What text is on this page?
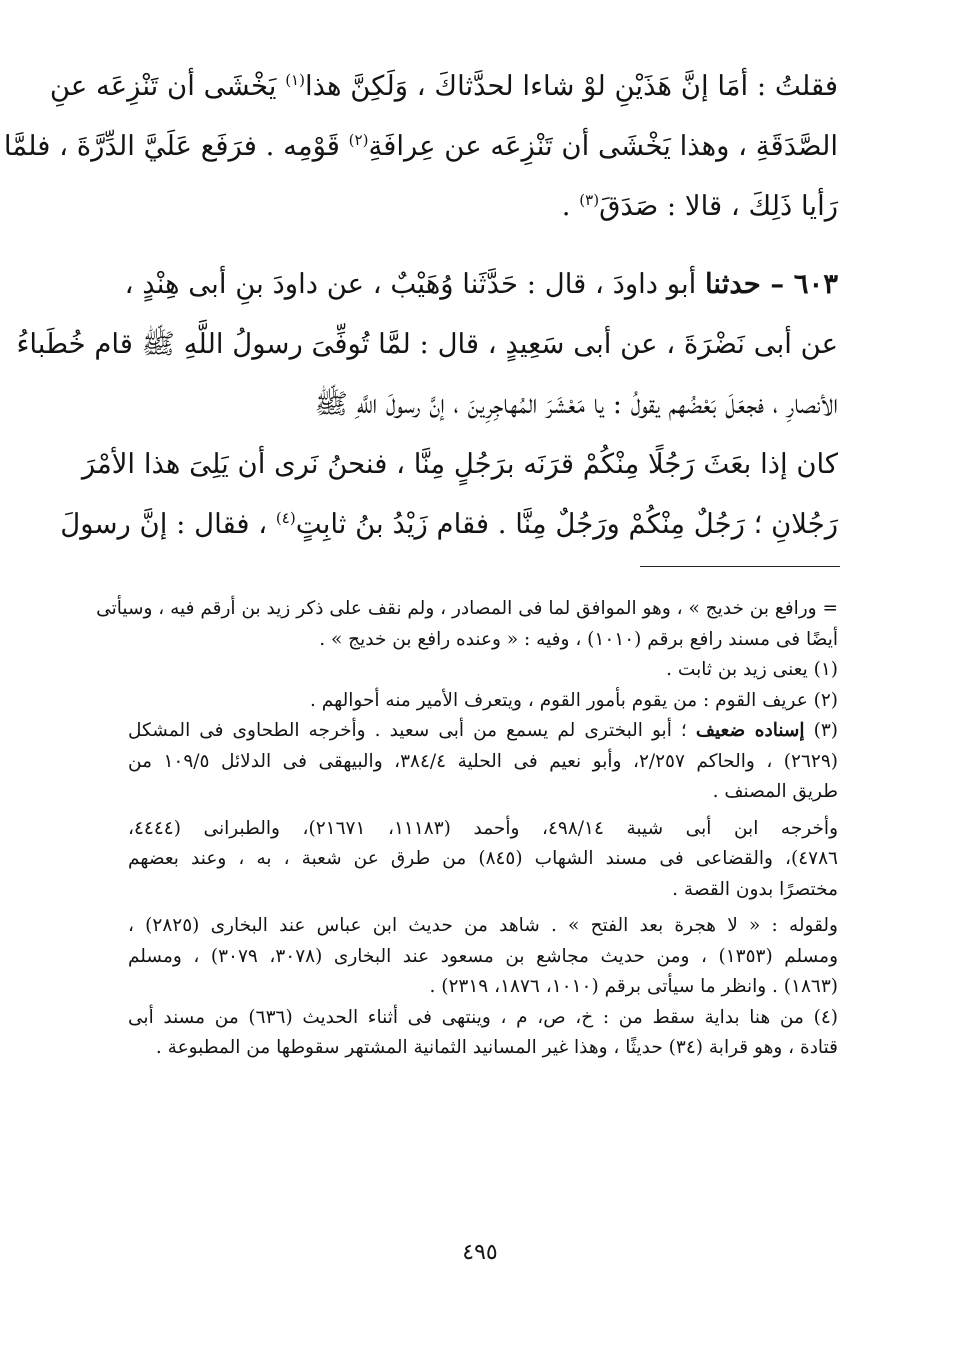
فقلتُ : أمَا إنَّ هَذَيْنِ لوْ شاءا لحدَّثاكَ ، وَلَكِنَّ هذا$^{(١)}$ يَخْشَى أن تَنْزِعَه عنِ
الصَّدَقَةِ ، وهذا يَخْشَى أن تَنْزِعَه عن عِرافَةِ$^{(٢)}$ قَوْمِه . فرَفَع عَلَيَّ الدِّرَّةَ ، فلمَّا
رَأيا ذَلِكَ ، قالا : صَدَقَ$^{(٣)}$ .
٦٠٣ – حدثنا أبو داودَ ، قال : حَدَّثَنا وُهَيْبٌ ، عن داودَ بنِ أبى هِنْدٍ ،
عن أبى نَضْرَةَ ، عن أبى سَعِيدٍ ، قال : لمَّا تُوفِّىَ رسولُ اللَّهِ ﷺ قام خُطَباءُ
الأنصارِ ، فجعَلَ بَعْضُهم يقولُ : يا مَعْشَرَ المُهاجِرِينَ ، إنَّ رسولَ اللَّهِ ﷺ
كان إذا بعَثَ رَجُلًا مِنْكُمْ قرَنَه برَجُلٍ مِنَّا ، فنحنُ نَرى أن يَلِىَ هذا الأمْرَ
رَجُلانِ ؛ رَجُلٌ مِنْكُمْ ورَجُلٌ مِنَّا . فقام زَيْدُ بنُ ثابِتٍ$^{(٤)}$ ، فقال : إنَّ رسولَ
= ورافع بن خديج » ، وهو الموافق لما فى المصادر ، ولم نقف على ذكر زيد بن أرقم فيه ، وسيأتى
أيضًا فى مسند رافع برقم (١٠١٠) ، وفيه : « وعنده رافع بن خديج » .
(١) يعنى زيد بن ثابت .
(٢) عريف القوم : من يقوم بأمور القوم ، ويتعرف الأمير منه أحوالهم .
(٣) إسناده ضعيف ؛ أبو البخترى لم يسمع من أبى سعيد . وأخرجه الطحاوى فى المشكل
(٢٦٢٩) ، والحاكم ٢/٢٥٧، وأبو نعيم فى الحلية ٣٨٤/٤، والبيهقى فى الدلائل ١٠٩/٥ من
طريق المصنف .
وأخرجه ابن أبى شيبة ٤٩٨/١٤، وأحمد (١١١٨٣، ٢١٦٧١)، والطبرانى (٤٤٤٤،
٤٧٨٦)، والقضاعى فى مسند الشهاب (٨٤٥) من طرق عن شعبة ، به ، وعند بعضهم
مختصرًا بدون القصة .
ولقوله : « لا هجرة بعد الفتح » . شاهد من حديث ابن عباس عند البخارى (٢٨٢٥) ،
ومسلم (١٣٥٣) ، ومن حديث مجاشع بن مسعود عند البخارى (٣٠٧٨، ٣٠٧٩) ، ومسلم
(١٨٦٣) . وانظر ما سيأتى برقم (١٠١٠، ١٨٧٦، ٢٣١٩) .
(٤) من هنا بداية سقط من : خ، ص، م ، وينتهى فى أثناء الحديث (٦٣٦) من مسند أبى
قتادة ، وهو قرابة (٣٤) حديثًا ، وهذا غير المسانيد الثمانية المشتهر سقوطها من المطبوعة .
٤٩٥
